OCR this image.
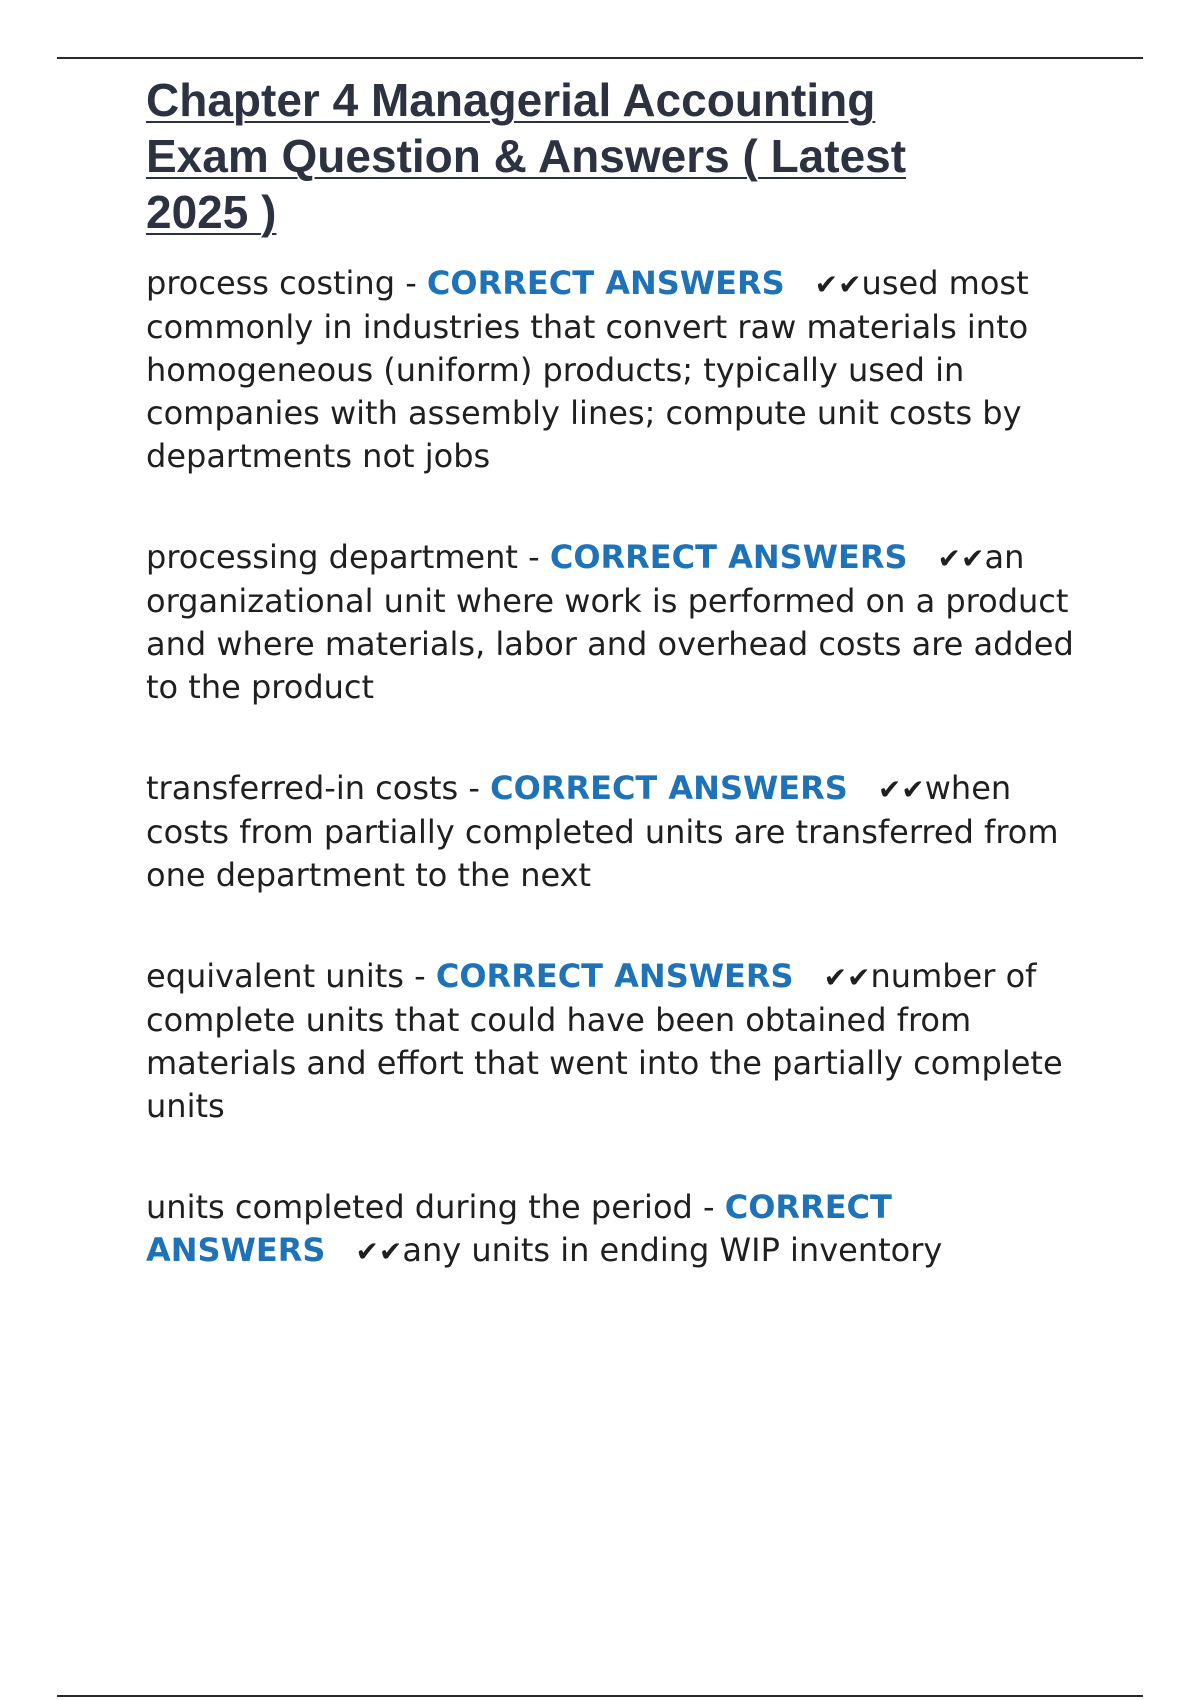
Chapter 4 Managerial Accounting Exam Question & Answers ( Latest 2025 )

process costing - CORRECT ANSWERS ✔✔used most commonly in industries that convert raw materials into homogeneous (uniform) products; typically used in companies with assembly lines; compute unit costs by departments not jobs

processing department - CORRECT ANSWERS ✔✔an organizational unit where work is performed on a product and where materials, labor and overhead costs are added to the product

transferred-in costs - CORRECT ANSWERS ✔✔when costs from partially completed units are transferred from one department to the next

equivalent units - CORRECT ANSWERS ✔✔number of complete units that could have been obtained from materials and effort that went into the partially complete units

units completed during the period - CORRECT ANSWERS ✔✔any units in ending WIP inventory
